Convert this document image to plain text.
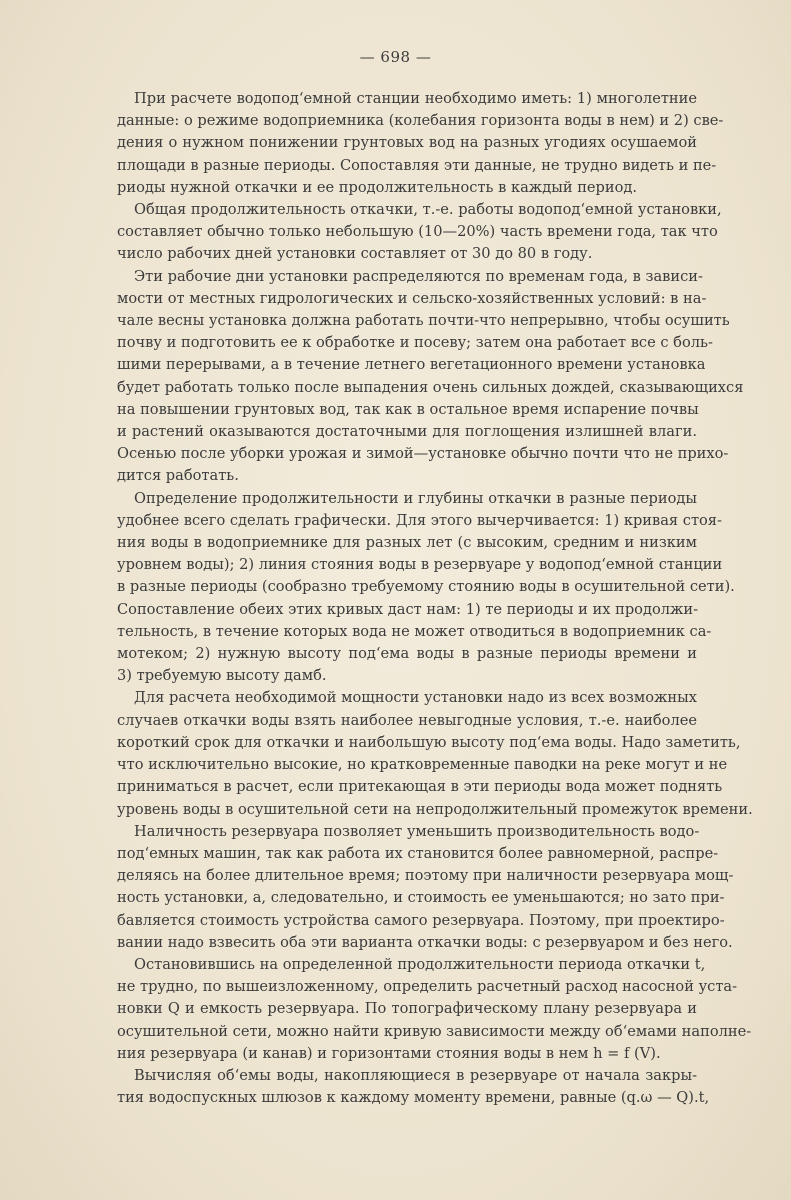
— 698 —
При расчете водопод‘емной станции необходимо иметь: 1) многолетние
данные: о режиме водоприемника (колебания горизонта воды в нем) и 2) све-
дения о нужном понижении грунтовых вод на разных угодиях осушаемой
площади в разные периоды. Сопоставляя эти данные, не трудно видеть и пе-
риоды нужной откачки и ее продолжительность в каждый период.
Общая продолжительность откачки, т.-е. работы водопод‘емной установки,
составляет обычно только небольшую (10—20%) часть времени года, так что
число рабочих дней установки составляет от 30 до 80 в году.
Эти рабочие дни установки распределяются по временам года, в зависи-
мости от местных гидрологических и сельско-хозяйственных условий: в на-
чале весны установка должна работать почти-что непрерывно, чтобы осушить
почву и подготовить ее к обработке и посеву; затем она работает все с боль-
шими перерывами, а в течение летнего вегетационного времени установка
будет работать только после выпадения очень сильных дождей, сказывающихся
на повышении грунтовых вод, так как в остальное время испарение почвы
и растений оказываются достаточными для поглощения излишней влаги.
Осенью после уборки урожая и зимой—установке обычно почти что не прихо-
дится работать.
Определение продолжительности и глубины откачки в разные периоды
удобнее всего сделать графически. Для этого вычерчивается: 1) кривая стоя-
ния воды в водоприемнике для разных лет (с высоким, средним и низким
уровнем воды); 2) линия стояния воды в резервуаре у водопод‘емной станции
в разные периоды (сообразно требуемому стоянию воды в осушительной сети).
Сопоставление обеих этих кривых даст нам: 1) те периоды и их продолжи-
тельность, в течение которых вода не может отводиться в водоприемник са-
мотеком; 2) нужную высоту под‘ема воды в разные периоды времени и
3) требуемую высоту дамб.
Для расчета необходимой мощности установки надо из всех возможных
случаев откачки воды взять наиболее невыгодные условия, т.-е. наиболее
короткий срок для откачки и наибольшую высоту под‘ема воды. Надо заметить,
что исключительно высокие, но кратковременные паводки на реке могут и не
приниматься в расчет, если притекающая в эти периоды вода может поднять
уровень воды в осушительной сети на непродолжительный промежуток времени.
Наличность резервуара позволяет уменьшить производительность водо-
под‘емных машин, так как работа их становится более равномерной, распре-
деляясь на более длительное время; поэтому при наличности резервуара мощ-
ность установки, а, следовательно, и стоимость ее уменьшаются; но зато при-
бавляется стоимость устройства самого резервуара. Поэтому, при проектиро-
вании надо взвесить оба эти варианта откачки воды: с резервуаром и без него.
Остановившись на определенной продолжительности периода откачки t,
не трудно, по вышеизложенному, определить расчетный расход насосной уста-
новки Q и емкость резервуара. По топографическому плану резервуара и
осушительной сети, можно найти кривую зависимости между об‘емами наполне-
ния резервуара (и канав) и горизонтами стояния воды в нем h = f (V).
Вычисляя об‘емы воды, накопляющиеся в резервуаре от начала закры-
тия водоспускных шлюзов к каждому моменту времени, равные (q.ω — Q).t,
